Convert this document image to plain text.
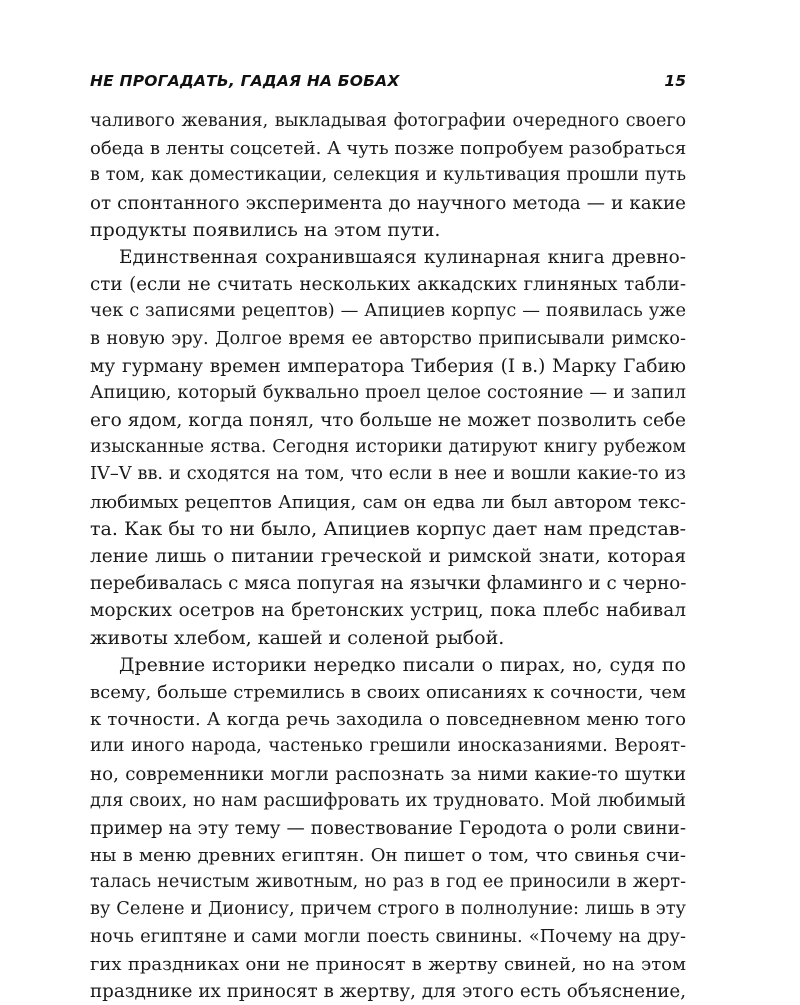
НЕ ПРОГАДАТЬ, ГАДАЯ НА БОБАХ	15
чаливого жевания, выкладывая фотографии очередного своего
обеда в ленты соцсетей. А чуть позже попробуем разобраться
в том, как доместикации, селекция и культивация прошли путь
от спонтанного эксперимента до научного метода — и какие
продукты появились на этом пути.
Единственная сохранившаяся кулинарная книга древно-
сти (если не считать нескольких аккадских глиняных табли-
чек с записями рецептов) — Апициев корпус — появилась уже
в новую эру. Долгое время ее авторство приписывали римско-
му гурману времен императора Тиберия (I в.) Марку Габию
Апицию, который буквально проел целое состояние — и запил
его ядом, когда понял, что больше не может позволить себе
изысканные яства. Сегодня историки датируют книгу рубежом
IV–V вв. и сходятся на том, что если в нее и вошли какие-то из
любимых рецептов Апиция, сам он едва ли был автором текс-
та. Как бы то ни было, Апициев корпус дает нам представ-
ление лишь о питании греческой и римской знати, которая
перебивалась с мяса попугая на язычки фламинго и с черно-
морских осетров на бретонских устриц, пока плебс набивал
животы хлебом, кашей и соленой рыбой.
Древние историки нередко писали о пирах, но, судя по
всему, больше стремились в своих описаниях к сочности, чем
к точности. А когда речь заходила о повседневном меню того
или иного народа, частенько грешили иносказаниями. Вероят-
но, современники могли распознать за ними какие-то шутки
для своих, но нам расшифровать их трудновато. Мой любимый
пример на эту тему — повествование Геродота о роли свини-
ны в меню древних египтян. Он пишет о том, что свинья счи-
талась нечистым животным, но раз в год ее приносили в жерт-
ву Селене и Дионису, причем строго в полнолуние: лишь в эту
ночь египтяне и сами могли поесть свинины. «Почему на дру-
гих праздниках они не приносят в жертву свиней, но на этом
празднике их приносят в жертву, для этого есть объяснение,
